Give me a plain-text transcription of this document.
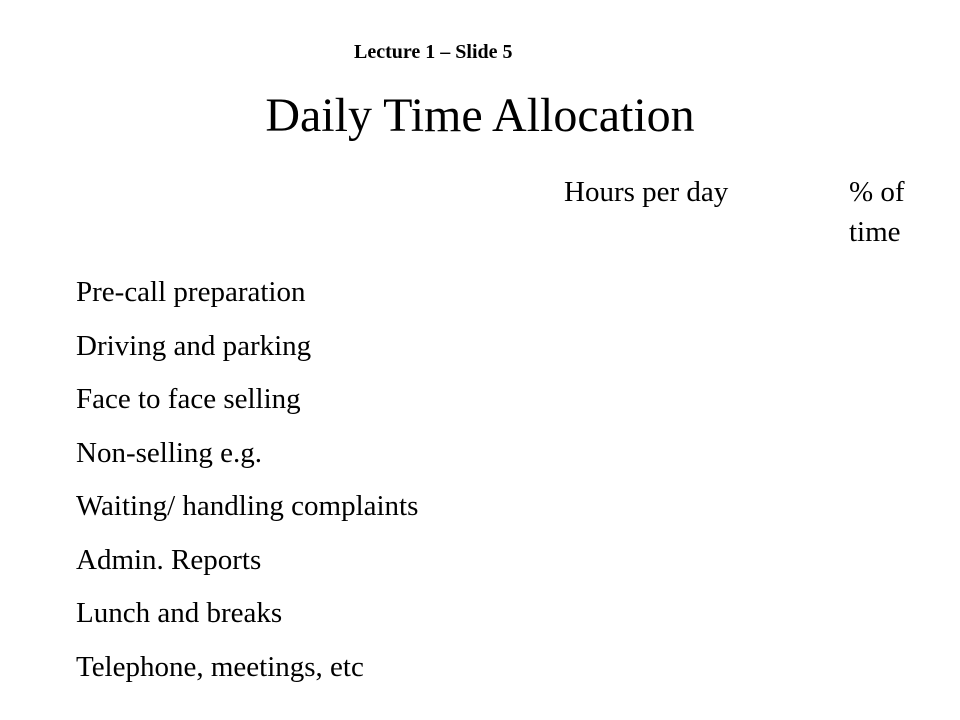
Lecture 1 – Slide 5
Daily Time Allocation
Hours per day	% of time
Pre-call preparation
Driving and parking
Face to face selling
Non-selling e.g.
Waiting/ handling complaints
Admin. Reports
Lunch and breaks
Telephone, meetings, etc
